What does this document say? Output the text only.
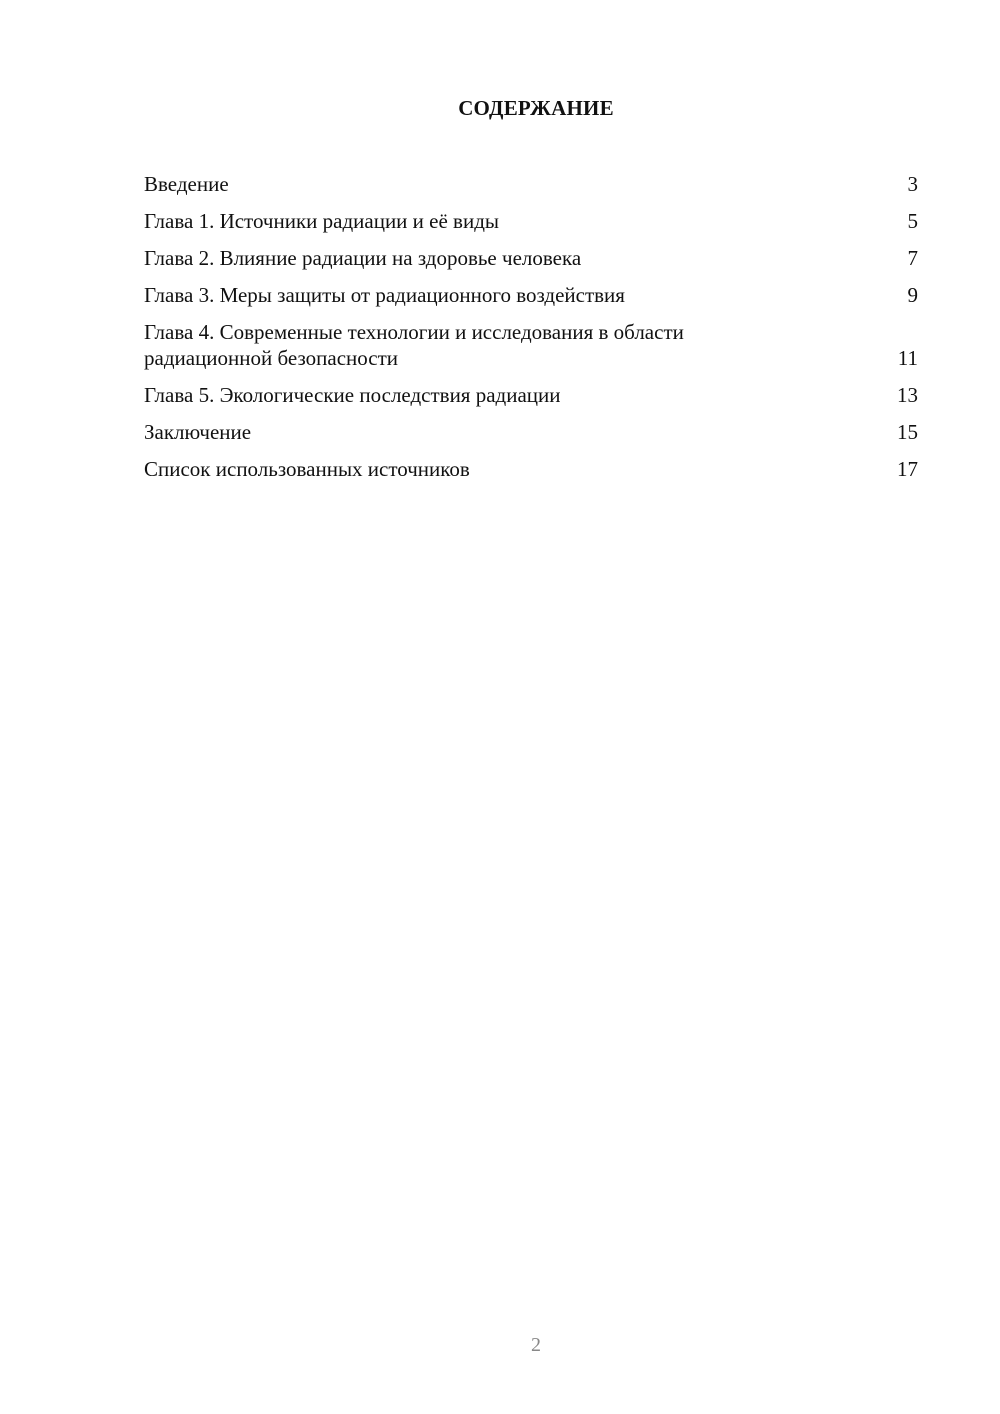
СОДЕРЖАНИЕ
Введение	3
Глава 1. Источники радиации и её виды	5
Глава 2. Влияние радиации на здоровье человека	7
Глава 3. Меры защиты от радиационного воздействия	9
Глава 4. Современные технологии и исследования в области радиационной безопасности	11
Глава 5. Экологические последствия радиации	13
Заключение	15
Список использованных источников	17
2
